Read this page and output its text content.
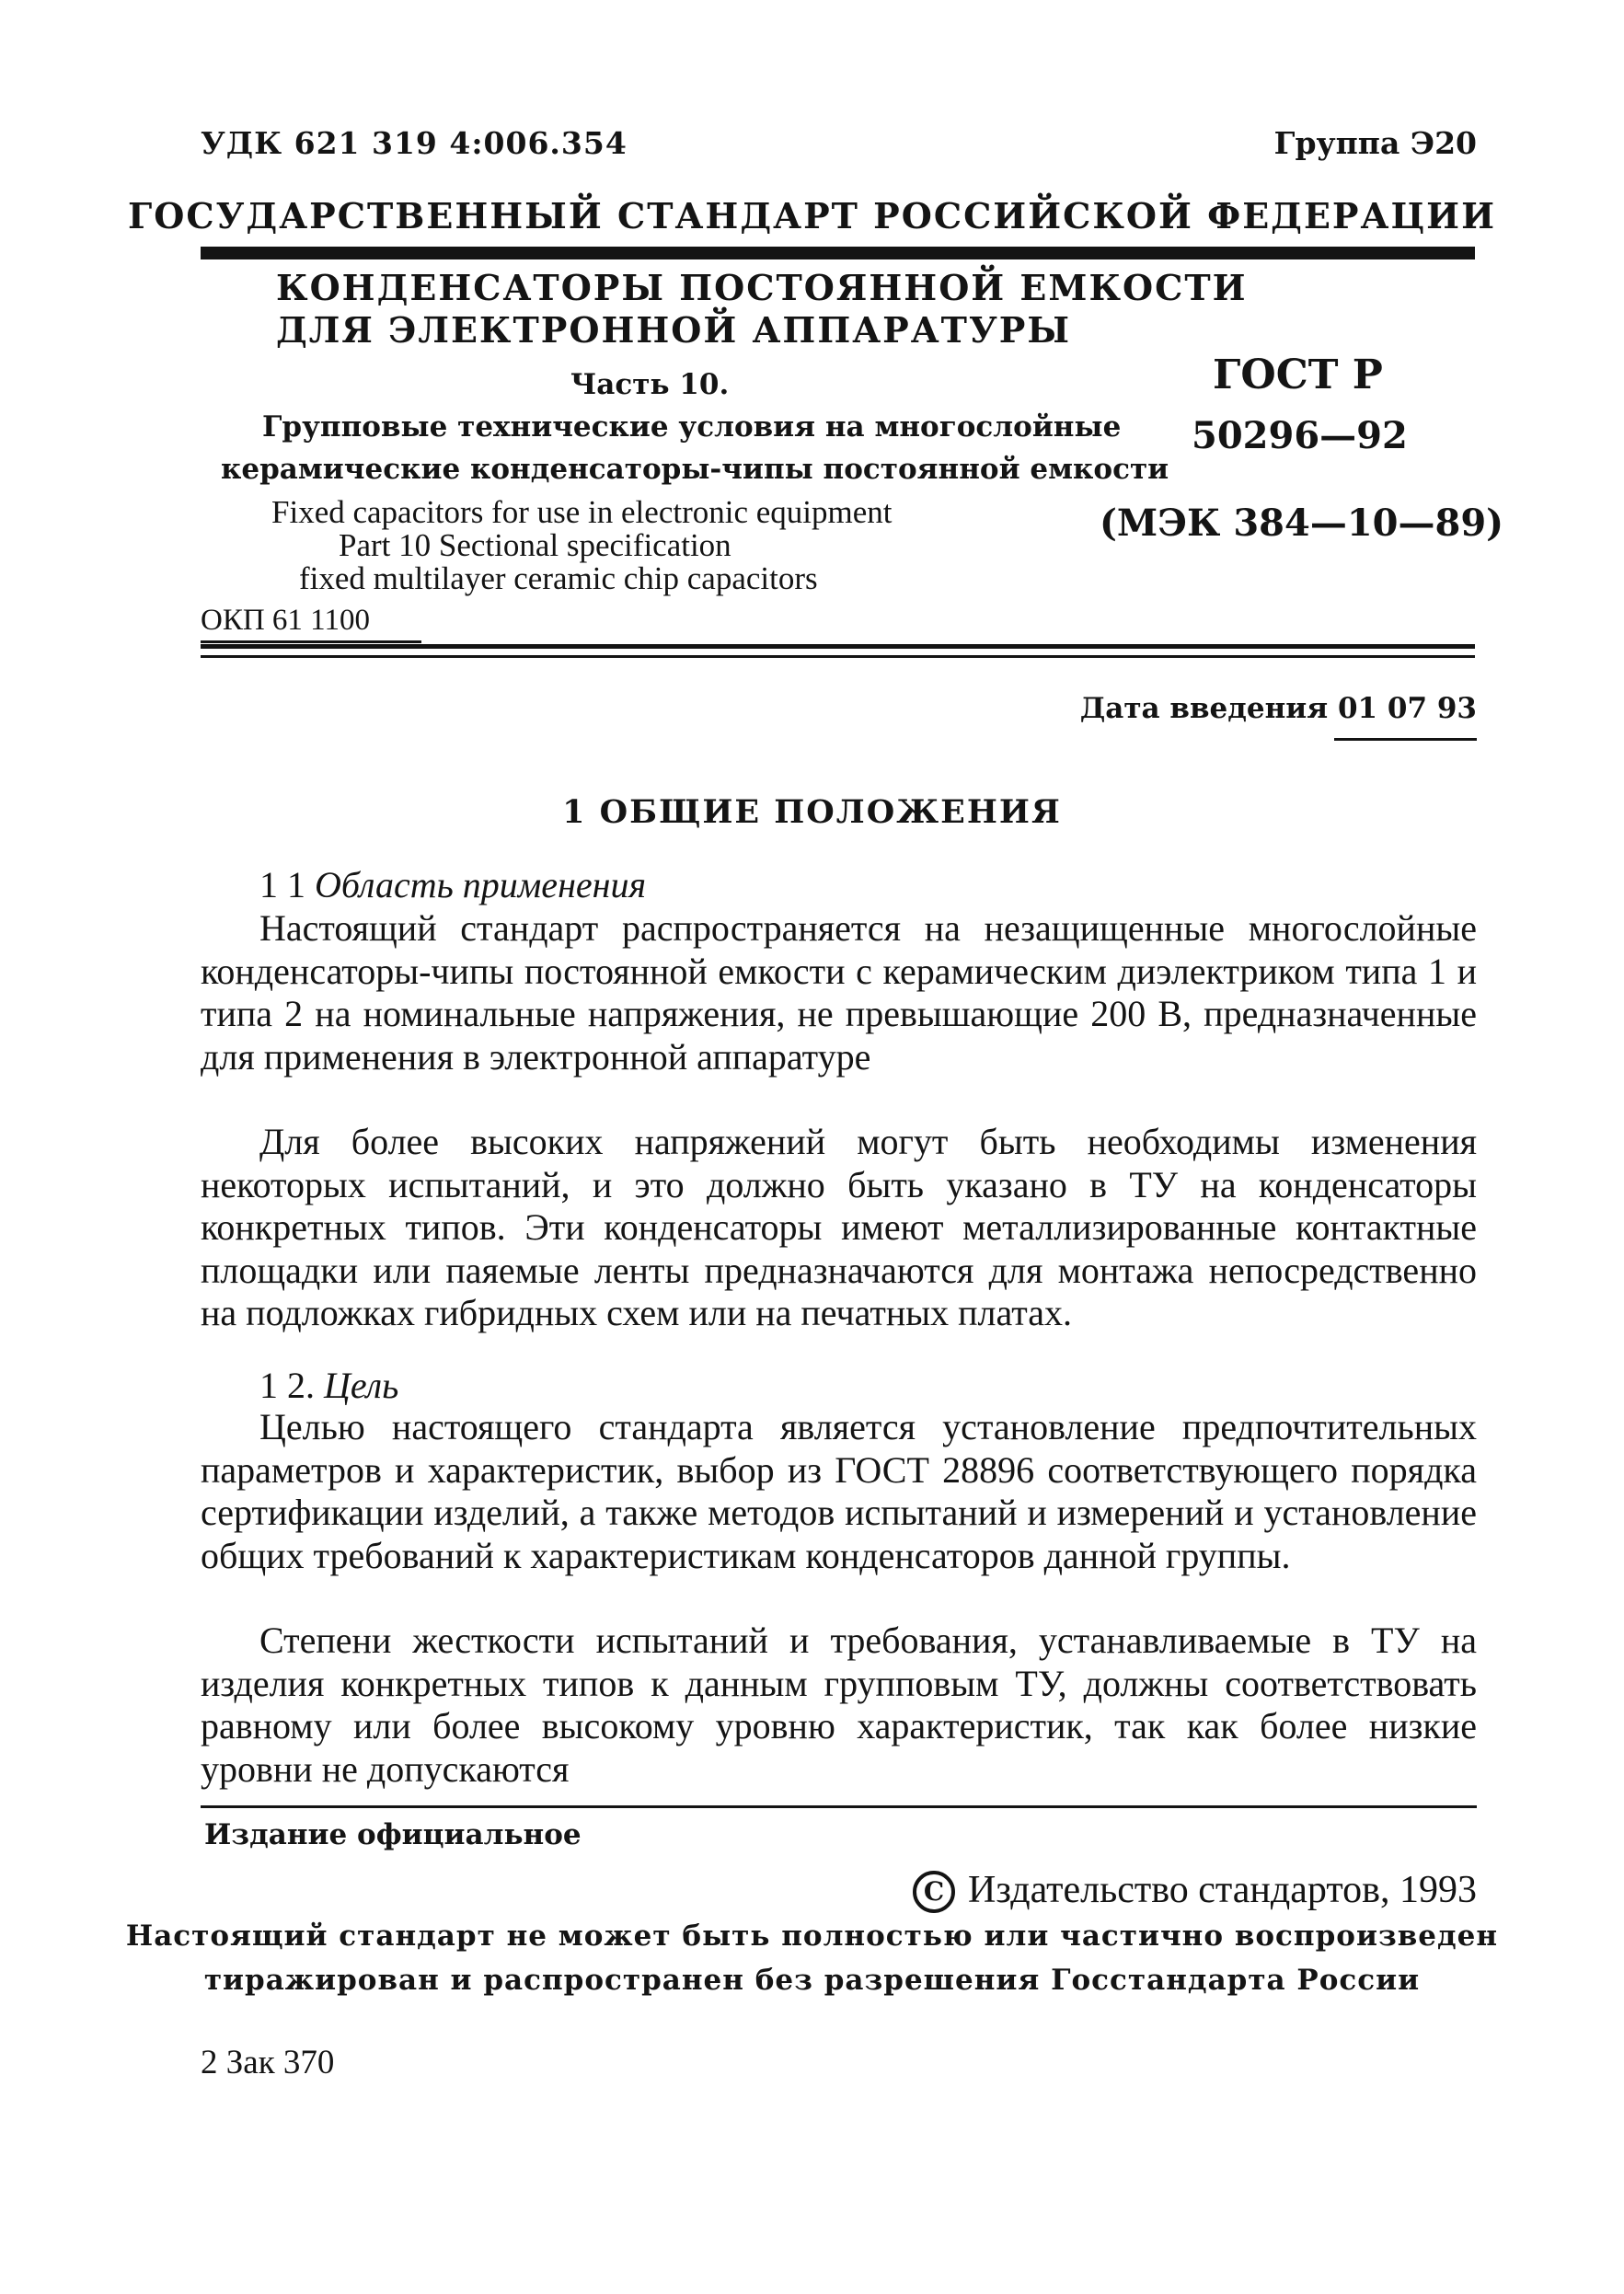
УДК 621 319 4:006.354	Группа Э20

ГОСУДАРСТВЕННЫЙ СТАНДАРТ РОССИЙСКОЙ ФЕДЕРАЦИИ

КОНДЕНСАТОРЫ ПОСТОЯННОЙ ЕМКОСТИ

ДЛЯ ЭЛЕКТРОННОЙ АППАРАТУРЫ

Часть 10.

Групповые технические условия на многослойные

керамические конденсаторы-чипы постоянной емкости

Fixed capacitors for use in electronic equipment

Part 10 Sectional specification

fixed multilayer ceramic chip capacitors

ОКП 61 1100

ГОСТ Р

50296—92

(МЭК 384—10—89)

Дата введения 01 07 93

1 ОБЩИЕ ПОЛОЖЕНИЯ

1 1 Область применения

Настоящий стандарт распространяется на незащищенные многослойные конденсаторы-чипы постоянной емкости с керамическим диэлектриком типа 1 и типа 2 на номинальные напряжения, не превышающие 200 В, предназначенные для применения в электронной аппаратуре

Для более высоких напряжений могут быть необходимы изменения некоторых испытаний, и это должно быть указано в ТУ на конденсаторы конкретных типов. Эти конденсаторы имеют металлизированные контактные площадки или паяемые ленты предназначаются для монтажа непосредственно на подложках гибридных схем или на печатных платах.

1 2. Цель

Целью настоящего стандарта является установление предпочтительных параметров и характеристик, выбор из ГОСТ 28896 соответствующего порядка сертификации изделий, а также методов испытаний и измерений и установление общих требований к характеристикам конденсаторов данной группы.

Степени жесткости испытаний и требования, устанавливаемые в ТУ на изделия конкретных типов к данным групповым ТУ, должны соответствовать равному или более высокому уровню характеристик, так как более низкие уровни не допускаются

Издание официальное

C Издательство стандартов, 1993

Настоящий стандарт не может быть полностью или частично воспроизведен

тиражирован и распространен без разрешения Госстандарта России

2 Зак 370
